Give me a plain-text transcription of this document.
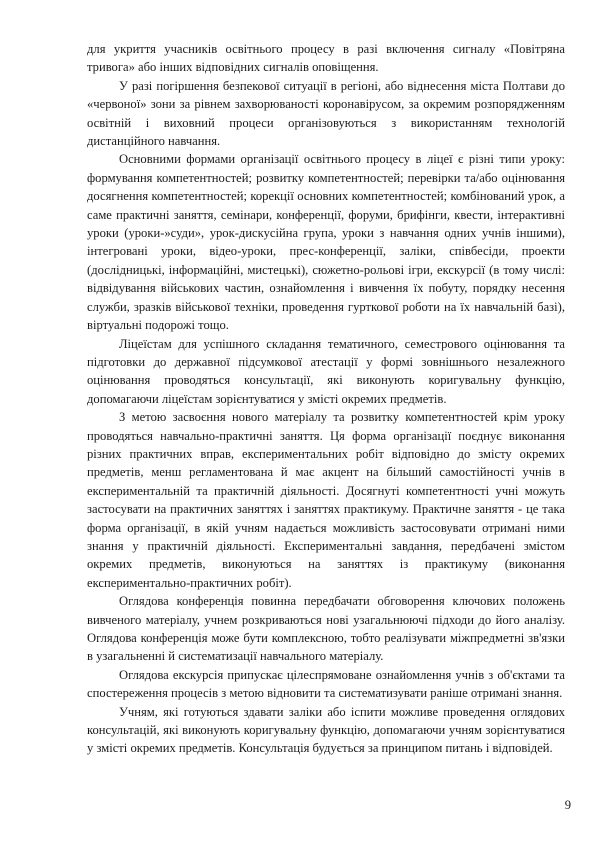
для укриття учасників освітнього процесу в разі включення сигналу «Повітряна тривога» або інших відповідних сигналів оповіщення.

У разі погіршення безпекової ситуації в регіоні, або віднесення міста Полтави до «червоної» зони за рівнем захворюваності коронавірусом, за окремим розпорядженням освітній і виховний процеси організовуються з використанням технологій дистанційного навчання.

Основними формами організації освітнього процесу в ліцеї є різні типи уроку: формування компетентностей; розвитку компетентностей; перевірки та/або оцінювання досягнення компетентностей; корекції основних компетентностей; комбінований урок, а саме практичні заняття, семінари, конференції, форуми, брифінги, квести, інтерактивні уроки (уроки-»суди», урок-дискусійна група, уроки з навчання одних учнів іншими), інтегровані уроки, відео-уроки, прес-конференції, заліки, співбесіди, проекти (дослідницькі, інформаційні, мистецькі), сюжетно-рольові ігри, екскурсії (в тому числі: відвідування військових частин, ознайомлення і вивчення їх побуту, порядку несення служби, зразків військової техніки, проведення гурткової роботи на їх навчальній базі), віртуальні подорожі тощо.

Ліцеїстам для успішного складання тематичного, семестрового оцінювання та підготовки до державної підсумкової атестації у формі зовнішнього незалежного оцінювання проводяться консультації, які виконують коригувальну функцію, допомагаючи ліцеїстам зорієнтуватися у змісті окремих предметів.

З метою засвоєння нового матеріалу та розвитку компетентностей крім уроку проводяться навчально-практичні заняття. Ця форма організації поєднує виконання різних практичних вправ, експериментальних робіт відповідно до змісту окремих предметів, менш регламентована й має акцент на більший самостійності учнів в експериментальній та практичній діяльності. Досягнуті компетентності учні можуть застосувати на практичних заняттях і заняттях практикуму. Практичне заняття - це така форма організації, в якій учням надається можливість застосовувати отримані ними знання у практичній діяльності. Експериментальні завдання, передбачені змістом окремих предметів, виконуються на заняттях із практикуму (виконання експериментально-практичних робіт).

Оглядова конференція повинна передбачати обговорення ключових положень вивченого матеріалу, учнем розкриваються нові узагальнюючі підходи до його аналізу. Оглядова конференція може бути комплексною, тобто реалізувати міжпредметні зв'язки в узагальненні й систематизації навчального матеріалу.

Оглядова екскурсія припускає цілеспрямоване ознайомлення учнів з об'єктами та спостереження процесів з метою відновити та систематизувати раніше отримані знання.

Учням, які готуються здавати заліки або іспити можливе проведення оглядових консультацій, які виконують коригувальну функцію, допомагаючи учням зорієнтуватися у змісті окремих предметів. Консультація будується за принципом питань і відповідей.

9
